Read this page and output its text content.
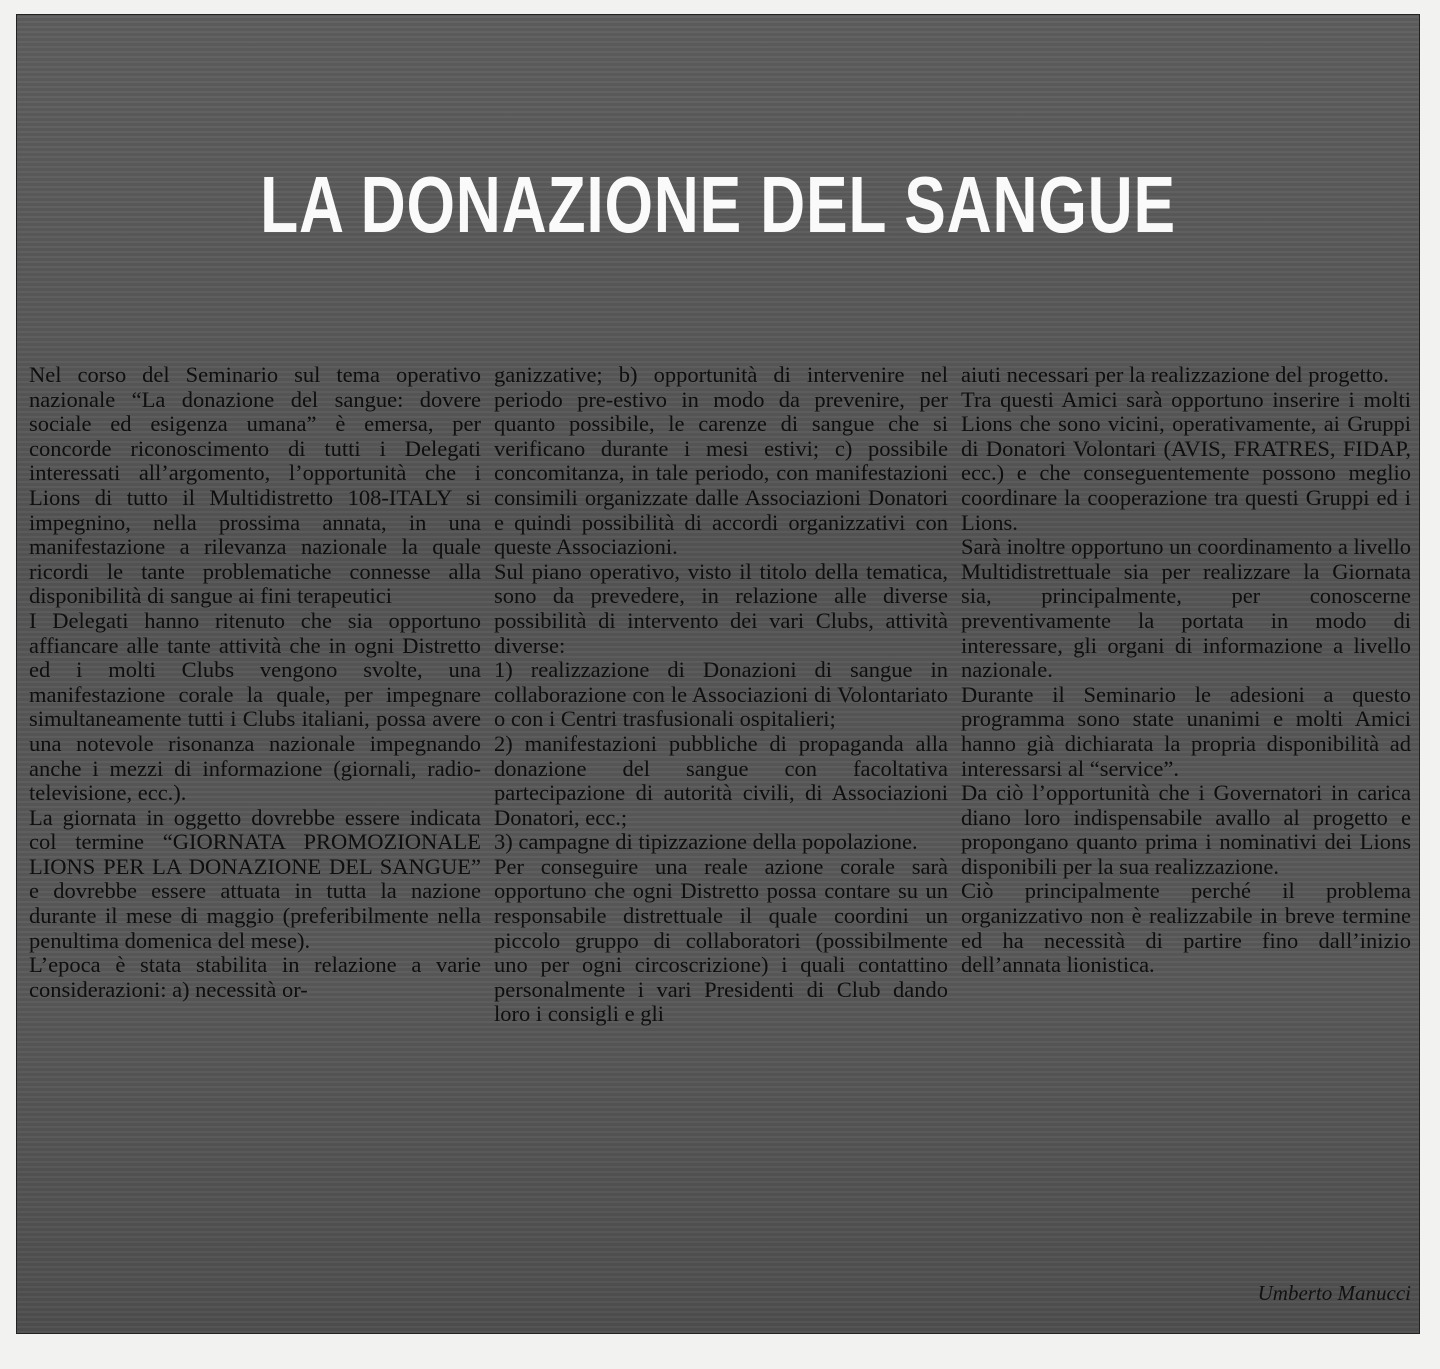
LA DONAZIONE DEL SANGUE

Nel corso del Seminario sul tema operativo nazionale “La donazione del sangue: dovere sociale ed esigenza umana” è emersa, per concorde riconoscimento di tutti i Delegati interessati all’argomento, l’opportunità che i Lions di tutto il Multidistretto 108-ITALY si impegnino, nella prossima annata, in una manifestazione a rilevanza nazionale la quale ricordi le tante problematiche connesse alla disponibilità di sangue ai fini terapeutici

I Delegati hanno ritenuto che sia opportuno affiancare alle tante attività che in ogni Distretto ed i molti Clubs vengono svolte, una manifestazione corale la quale, per impegnare simultaneamente tutti i Clubs italiani, possa avere una notevole risonanza nazionale impegnando anche i mezzi di informazione (giornali, radio-televisione, ecc.).

La giornata in oggetto dovrebbe essere indicata col termine “GIORNATA PROMOZIONALE LIONS PER LA DONAZIONE DEL SANGUE” e dovrebbe essere attuata in tutta la nazione durante il mese di maggio (preferibilmente nella penultima domenica del mese).

L’epoca è stata stabilita in relazione a varie considerazioni: a) necessità or-

ganizzative; b) opportunità di intervenire nel periodo pre-estivo in modo da prevenire, per quanto possibile, le carenze di sangue che si verificano durante i mesi estivi; c) possibile concomitanza, in tale periodo, con manifestazioni consimili organizzate dalle Associazioni Donatori e quindi possibilità di accordi organizzativi con queste Associazioni.

Sul piano operativo, visto il titolo della tematica, sono da prevedere, in relazione alle diverse possibilità di intervento dei vari Clubs, attività diverse:

1) realizzazione di Donazioni di sangue in collaborazione con le Associazioni di Volontariato o con i Centri trasfusionali ospitalieri;

2) manifestazioni pubbliche di propaganda alla donazione del sangue con facoltativa partecipazione di autorità civili, di Associazioni Donatori, ecc.;

3) campagne di tipizzazione della popolazione.

Per conseguire una reale azione corale sarà opportuno che ogni Distretto possa contare su un responsabile distrettuale il quale coordini un piccolo gruppo di collaboratori (possibilmente uno per ogni circoscrizione) i quali contattino personalmente i vari Presidenti di Club dando loro i consigli e gli

aiuti necessari per la realizzazione del progetto.

Tra questi Amici sarà opportuno inserire i molti Lions che sono vicini, operativamente, ai Gruppi di Donatori Volontari (AVIS, FRATRES, FIDAP, ecc.) e che conseguentemente possono meglio coordinare la cooperazione tra questi Gruppi ed i Lions.

Sarà inoltre opportuno un coordinamento a livello Multidistrettuale sia per realizzare la Giornata sia, principalmente, per conoscerne preventivamente la portata in modo di interessare, gli organi di informazione a livello nazionale.

Durante il Seminario le adesioni a questo programma sono state unanimi e molti Amici hanno già dichiarata la propria disponibilità ad interessarsi al “service”.

Da ciò l’opportunità che i Governatori in carica diano loro indispensabile avallo al progetto e propongano quanto prima i nominativi dei Lions disponibili per la sua realizzazione.

Ciò principalmente perché il problema organizzativo non è realizzabile in breve termine ed ha necessità di partire fino dall’inizio dell’annata lionistica.

Umberto Manucci
